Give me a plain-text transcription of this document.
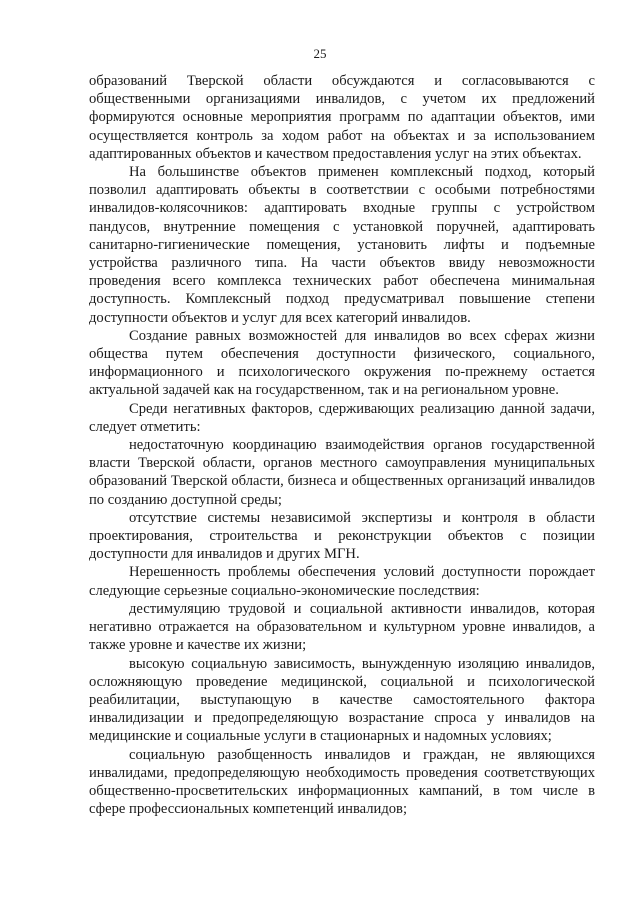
25

образований Тверской области обсуждаются и согласовываются с общественными организациями инвалидов, с учетом их предложений формируются основные мероприятия программ по адаптации объектов, ими осуществляется контроль за ходом работ на объектах и за использованием адаптированных объектов и качеством предоставления услуг на этих объектах.

На большинстве объектов применен комплексный подход, который позволил адаптировать объекты в соответствии с особыми потребностями инвалидов-колясочников: адаптировать входные группы с устройством пандусов, внутренние помещения с установкой поручней, адаптировать санитарно-гигиенические помещения, установить лифты и подъемные устройства различного типа. На части объектов ввиду невозможности проведения всего комплекса технических работ обеспечена минимальная доступность. Комплексный подход предусматривал повышение степени доступности объектов и услуг для всех категорий инвалидов.

Создание равных возможностей для инвалидов во всех сферах жизни общества путем обеспечения доступности физического, социального, информационного и психологического окружения по-прежнему остается актуальной задачей как на государственном, так и на региональном уровне.

Среди негативных факторов, сдерживающих реализацию данной задачи, следует отметить:

недостаточную координацию взаимодействия органов государственной власти Тверской области, органов местного самоуправления муниципальных образований Тверской области, бизнеса и общественных организаций инвалидов по созданию доступной среды;

отсутствие системы независимой экспертизы и контроля в области проектирования, строительства и реконструкции объектов с позиции доступности для инвалидов и других МГН.

Нерешенность проблемы обеспечения условий доступности порождает следующие серьезные социально-экономические последствия:

дестимуляцию трудовой и социальной активности инвалидов, которая негативно отражается на образовательном и культурном уровне инвалидов, а также уровне и качестве их жизни;

высокую социальную зависимость, вынужденную изоляцию инвалидов, осложняющую проведение медицинской, социальной и психологической реабилитации, выступающую в качестве самостоятельного фактора инвалидизации и предопределяющую возрастание спроса у инвалидов на медицинские и социальные услуги в стационарных и надомных условиях;

социальную разобщенность инвалидов и граждан, не являющихся инвалидами, предопределяющую необходимость проведения соответствующих общественно-просветительских информационных кампаний, в том числе в сфере профессиональных компетенций инвалидов;
